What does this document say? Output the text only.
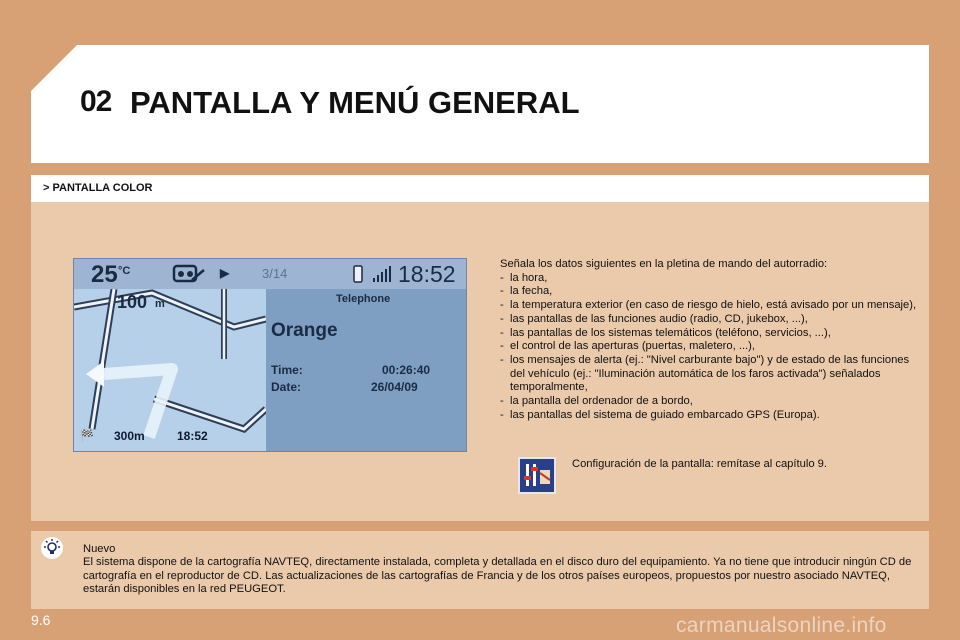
02 PANTALLA Y MENÚ GENERAL
> PANTALLA COLOR
25 °C	▶	3/14	18:52
100 m	Telephone
Orange
Time:	00:26:40
Date:	26/04/09
🏁 300m	18:52
Señala los datos siguientes en la pletina de mando del autorradio:
- la hora,
- la fecha,
- la temperatura exterior (en caso de riesgo de hielo, está avisado por un mensaje),
- las pantallas de las funciones audio (radio, CD, jukebox, ...),
- las pantallas de los sistemas telemáticos (teléfono, servicios, ...),
- el control de las aperturas (puertas, maletero, ...),
- los mensajes de alerta (ej.: "Nivel carburante bajo") y de estado de las funciones del vehículo (ej.: "Iluminación automática de los faros activada") señalados temporalmente,
- la pantalla del ordenador de a bordo,
- las pantallas del sistema de guiado embarcado GPS (Europa).
Configuración de la pantalla: remítase al capítulo 9.
Nuevo
El sistema dispone de la cartografía NAVTEQ, directamente instalada, completa y detallada en el disco duro del equipamiento. Ya no tiene que introducir ningún CD de cartografía en el reproductor de CD. Las actualizaciones de las cartografías de Francia y de los otros países europeos, propuestos por nuestro asociado NAVTEQ, estarán disponibles en la red PEUGEOT.
9.6	carmanualsonline.info
